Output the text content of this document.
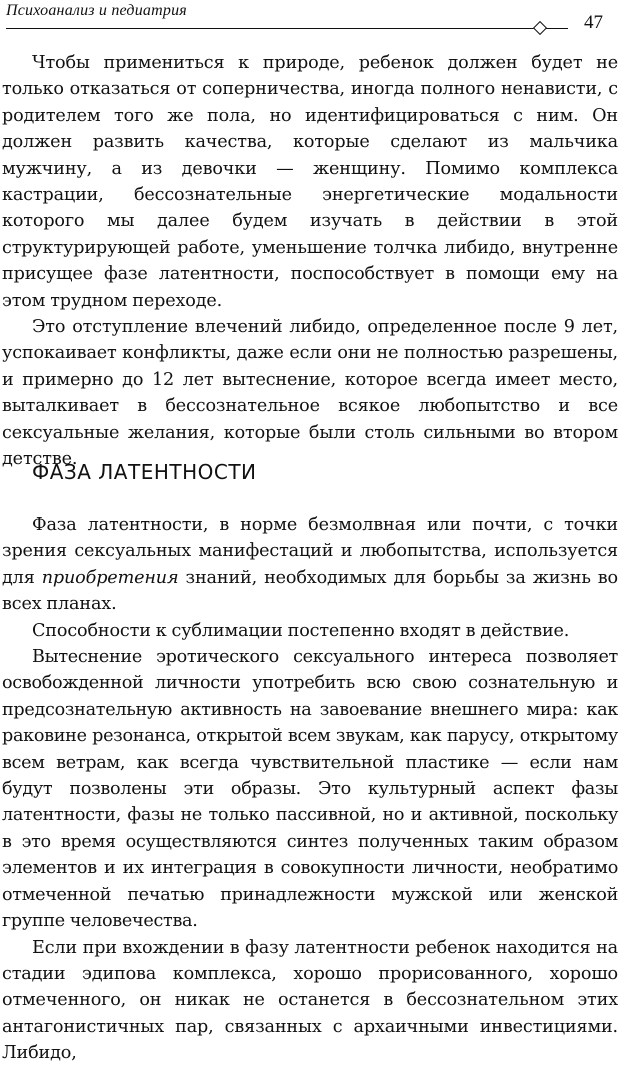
Психоанализ и педиатрия
47

Чтобы примениться к природе, ребенок должен будет не только отказаться от соперничества, иногда полного ненависти, с родителем того же пола, но идентифицироваться с ним. Он должен развить качества, которые сделают из мальчика мужчину, а из девочки — женщину. Помимо комплекса кастрации, бессознательные энергетические модальности которого мы далее будем изучать в действии в этой структурирующей работе, уменьшение толчка либидо, внутренне присущее фазе латентности, поспособствует в помощи ему на этом трудном переходе.

Это отступление влечений либидо, определенное после 9 лет, успокаивает конфликты, даже если они не полностью разрешены, и примерно до 12 лет вытеснение, которое всегда имеет место, выталкивает в бессознательное всякое любопытство и все сексуальные желания, которые были столь сильными во втором детстве.

ФАЗА ЛАТЕНТНОСТИ

Фаза латентности, в норме безмолвная или почти, с точки зрения сексуальных манифестаций и любопытства, используется для приобретения знаний, необходимых для борьбы за жизнь во всех планах.

Способности к сублимации постепенно входят в действие.

Вытеснение эротического сексуального интереса позволяет освобожденной личности употребить всю свою сознательную и предсознательную активность на завоевание внешнего мира: как раковине резонанса, открытой всем звукам, как парусу, открытому всем ветрам, как всегда чувствительной пластике — если нам будут позволены эти образы. Это культурный аспект фазы латентности, фазы не только пассивной, но и активной, поскольку в это время осуществляются синтез полученных таким образом элементов и их интеграция в совокупности личности, необратимо отмеченной печатью принадлежности мужской или женской группе человечества.

Если при вхождении в фазу латентности ребенок находится на стадии эдипова комплекса, хорошо прорисованного, хорошо отмеченного, он никак не останется в бессознательном этих антагонистичных пар, связанных с архаичными инвестициями. Либидо,
